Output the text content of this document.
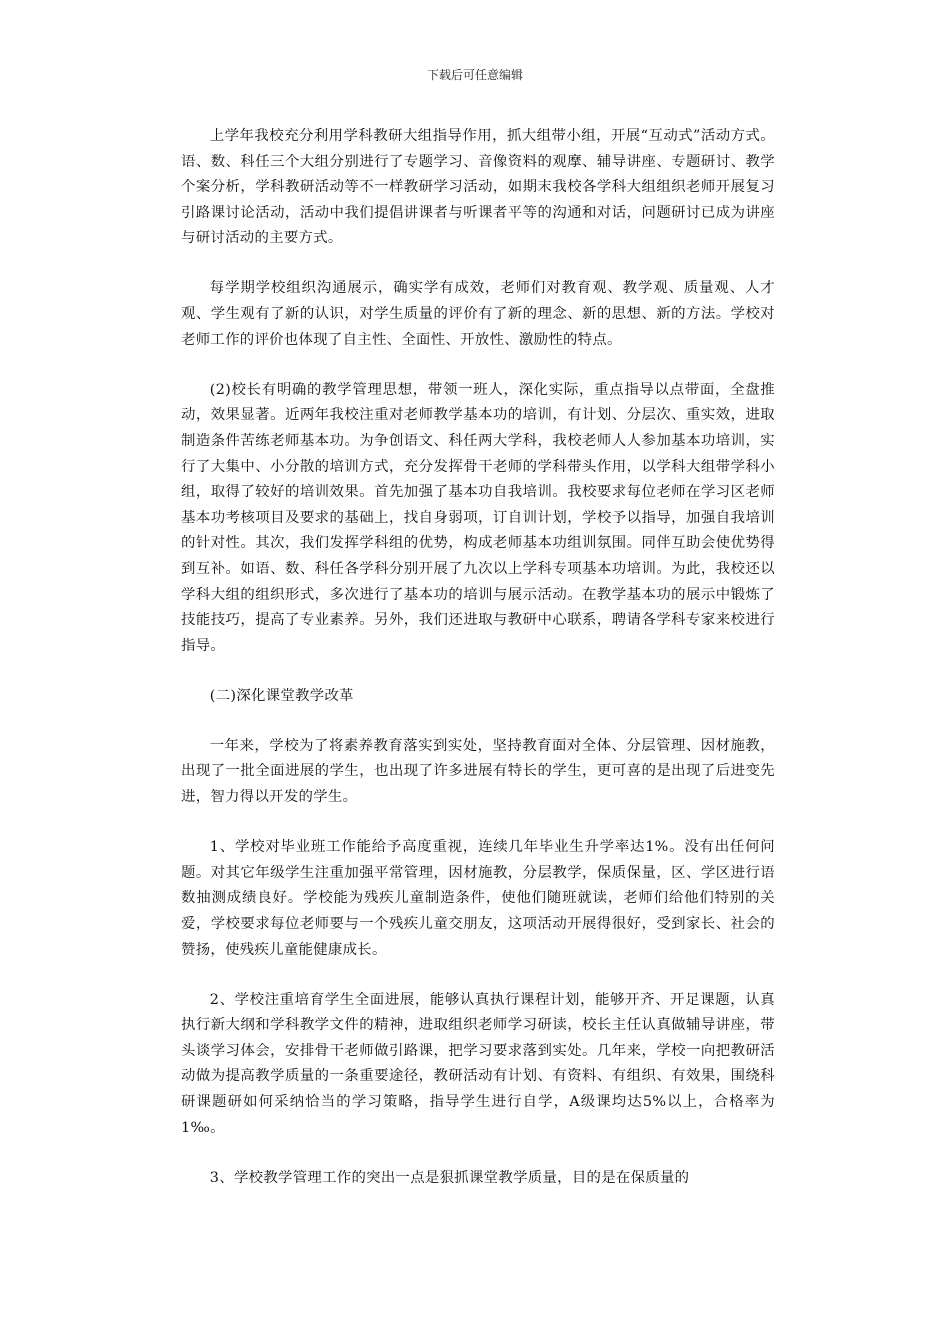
下载后可任意编辑

上学年我校充分利用学科教研大组指导作用，抓大组带小组，开展“互动式”活动方式。语、数、科任三个大组分别进行了专题学习、音像资料的观摩、辅导讲座、专题研讨、教学个案分析，学科教研活动等不一样教研学习活动，如期末我校各学科大组组织老师开展复习引路课讨论活动，活动中我们提倡讲课者与听课者平等的沟通和对话，问题研讨已成为讲座与研讨活动的主要方式。

每学期学校组织沟通展示，确实学有成效，老师们对教育观、教学观、质量观、人才观、学生观有了新的认识，对学生质量的评价有了新的理念、新的思想、新的方法。学校对老师工作的评价也体现了自主性、全面性、开放性、激励性的特点。

(2)校长有明确的教学管理思想，带领一班人，深化实际，重点指导以点带面，全盘推动，效果显著。近两年我校注重对老师教学基本功的培训，有计划、分层次、重实效，进取制造条件苦练老师基本功。为争创语文、科任两大学科，我校老师人人参加基本功培训，实行了大集中、小分散的培训方式，充分发挥骨干老师的学科带头作用，以学科大组带学科小组，取得了较好的培训效果。首先加强了基本功自我培训。我校要求每位老师在学习区老师基本功考核项目及要求的基础上，找自身弱项，订自训计划，学校予以指导，加强自我培训的针对性。其次，我们发挥学科组的优势，构成老师基本功组训氛围。同伴互助会使优势得到互补。如语、数、科任各学科分别开展了九次以上学科专项基本功培训。为此，我校还以学科大组的组织形式，多次进行了基本功的培训与展示活动。在教学基本功的展示中锻炼了技能技巧，提高了专业素养。另外，我们还进取与教研中心联系，聘请各学科专家来校进行指导。

(二)深化课堂教学改革

一年来，学校为了将素养教育落实到实处，坚持教育面对全体、分层管理、因材施教，出现了一批全面进展的学生，也出现了许多进展有特长的学生，更可喜的是出现了后进变先进，智力得以开发的学生。

1、学校对毕业班工作能给予高度重视，连续几年毕业生升学率达1%。没有出任何问题。对其它年级学生注重加强平常管理，因材施教，分层教学，保质保量，区、学区进行语数抽测成绩良好。学校能为残疾儿童制造条件，使他们随班就读，老师们给他们特别的关爱，学校要求每位老师要与一个残疾儿童交朋友，这项活动开展得很好，受到家长、社会的赞扬，使残疾儿童能健康成长。

2、学校注重培育学生全面进展，能够认真执行课程计划，能够开齐、开足课题，认真执行新大纲和学科教学文件的精神，进取组织老师学习研读，校长主任认真做辅导讲座，带头谈学习体会，安排骨干老师做引路课，把学习要求落到实处。几年来，学校一向把教研活动做为提高教学质量的一条重要途径，教研活动有计划、有资料、有组织、有效果，围绕科研课题研如何采纳恰当的学习策略，指导学生进行自学，A级课均达5%以上，合格率为1‰。

3、学校教学管理工作的突出一点是狠抓课堂教学质量，目的是在保质量的
